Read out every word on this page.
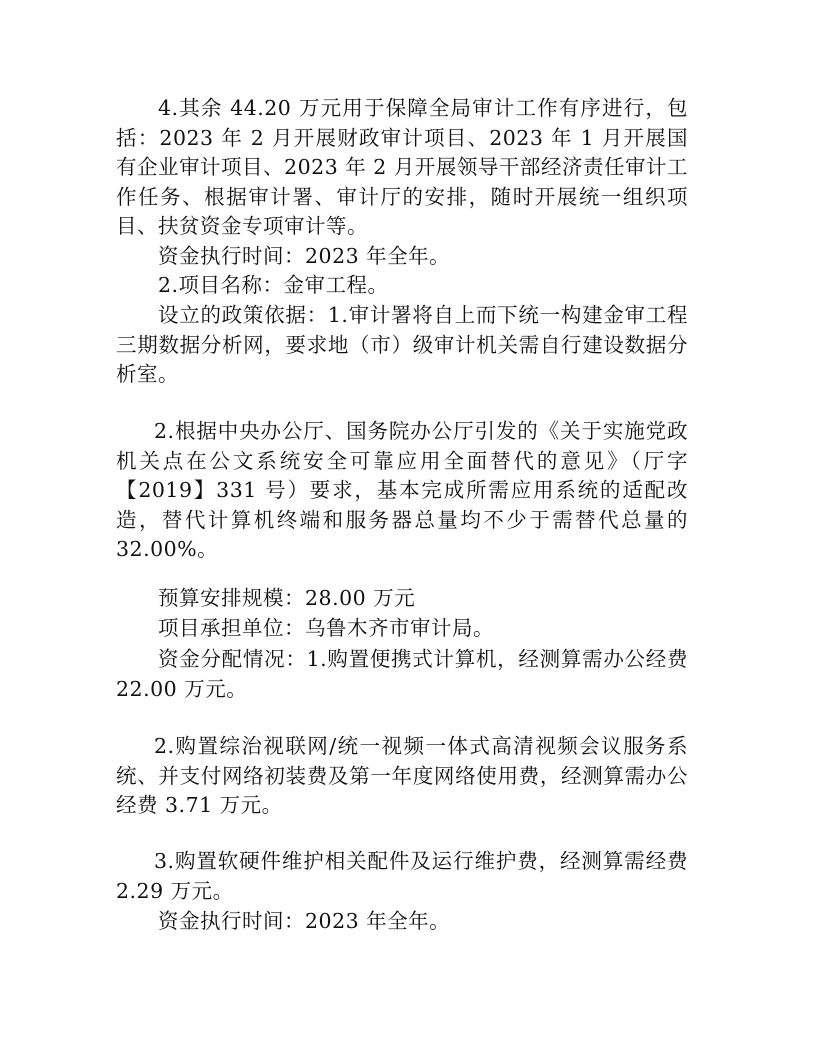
4.其余 44.20 万元用于保障全局审计工作有序进行，包括：2023 年 2 月开展财政审计项目、2023 年 1 月开展国有企业审计项目、2023 年 2 月开展领导干部经济责任审计工作任务、根据审计署、审计厅的安排，随时开展统一组织项目、扶贫资金专项审计等。

资金执行时间：2023 年全年。

2.项目名称：金审工程。

设立的政策依据：1.审计署将自上而下统一构建金审工程三期数据分析网，要求地（市）级审计机关需自行建设数据分析室。

2.根据中央办公厅、国务院办公厅引发的《关于实施党政机关点在公文系统安全可靠应用全面替代的意见》（厅字【2019】331 号）要求，基本完成所需应用系统的适配改造，替代计算机终端和服务器总量均不少于需替代总量的 32.00%。

预算安排规模：28.00 万元

项目承担单位：乌鲁木齐市审计局。

资金分配情况：1.购置便携式计算机，经测算需办公经费 22.00 万元。

2.购置综治视联网/统一视频一体式高清视频会议服务系统、并支付网络初装费及第一年度网络使用费，经测算需办公经费 3.71 万元。

3.购置软硬件维护相关配件及运行维护费，经测算需经费 2.29 万元。

资金执行时间：2023 年全年。
